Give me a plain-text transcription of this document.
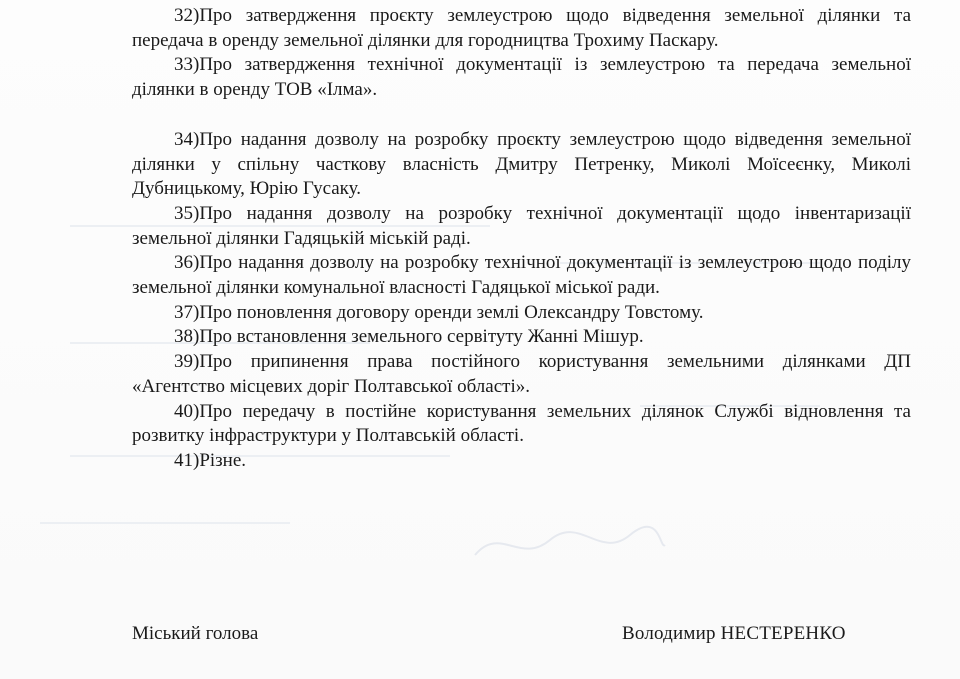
32)Про затвердження проєкту землеустрою щодо відведення земельної ділянки та передача в оренду земельної ділянки для городництва Трохиму Паскару.

33)Про затвердження технічної документації із землеустрою та передача земельної ділянки в оренду ТОВ «Ілма».

34)Про надання дозволу на розробку проєкту землеустрою щодо відведення земельної ділянки у спільну часткову власність Дмитру Петренку, Миколі Моїсеєнку, Миколі Дубницькому, Юрію Гусаку.

35)Про надання дозволу на розробку технічної документації щодо інвентаризації земельної ділянки Гадяцькій міській раді.

36)Про надання дозволу на розробку технічної документації із землеустрою щодо поділу земельної ділянки комунальної власності Гадяцької міської ради.

37)Про поновлення договору оренди землі Олександру Товстому.

38)Про встановлення земельного сервітуту Жанні Мішур.

39)Про припинення права постійного користування земельними ділянками ДП «Агентство місцевих доріг Полтавської області».

40)Про передачу в постійне користування земельних ділянок Службі відновлення та розвитку інфраструктури у Полтавській області.

41)Різне.

Міський голова	Володимир НЕСТЕРЕНКО
